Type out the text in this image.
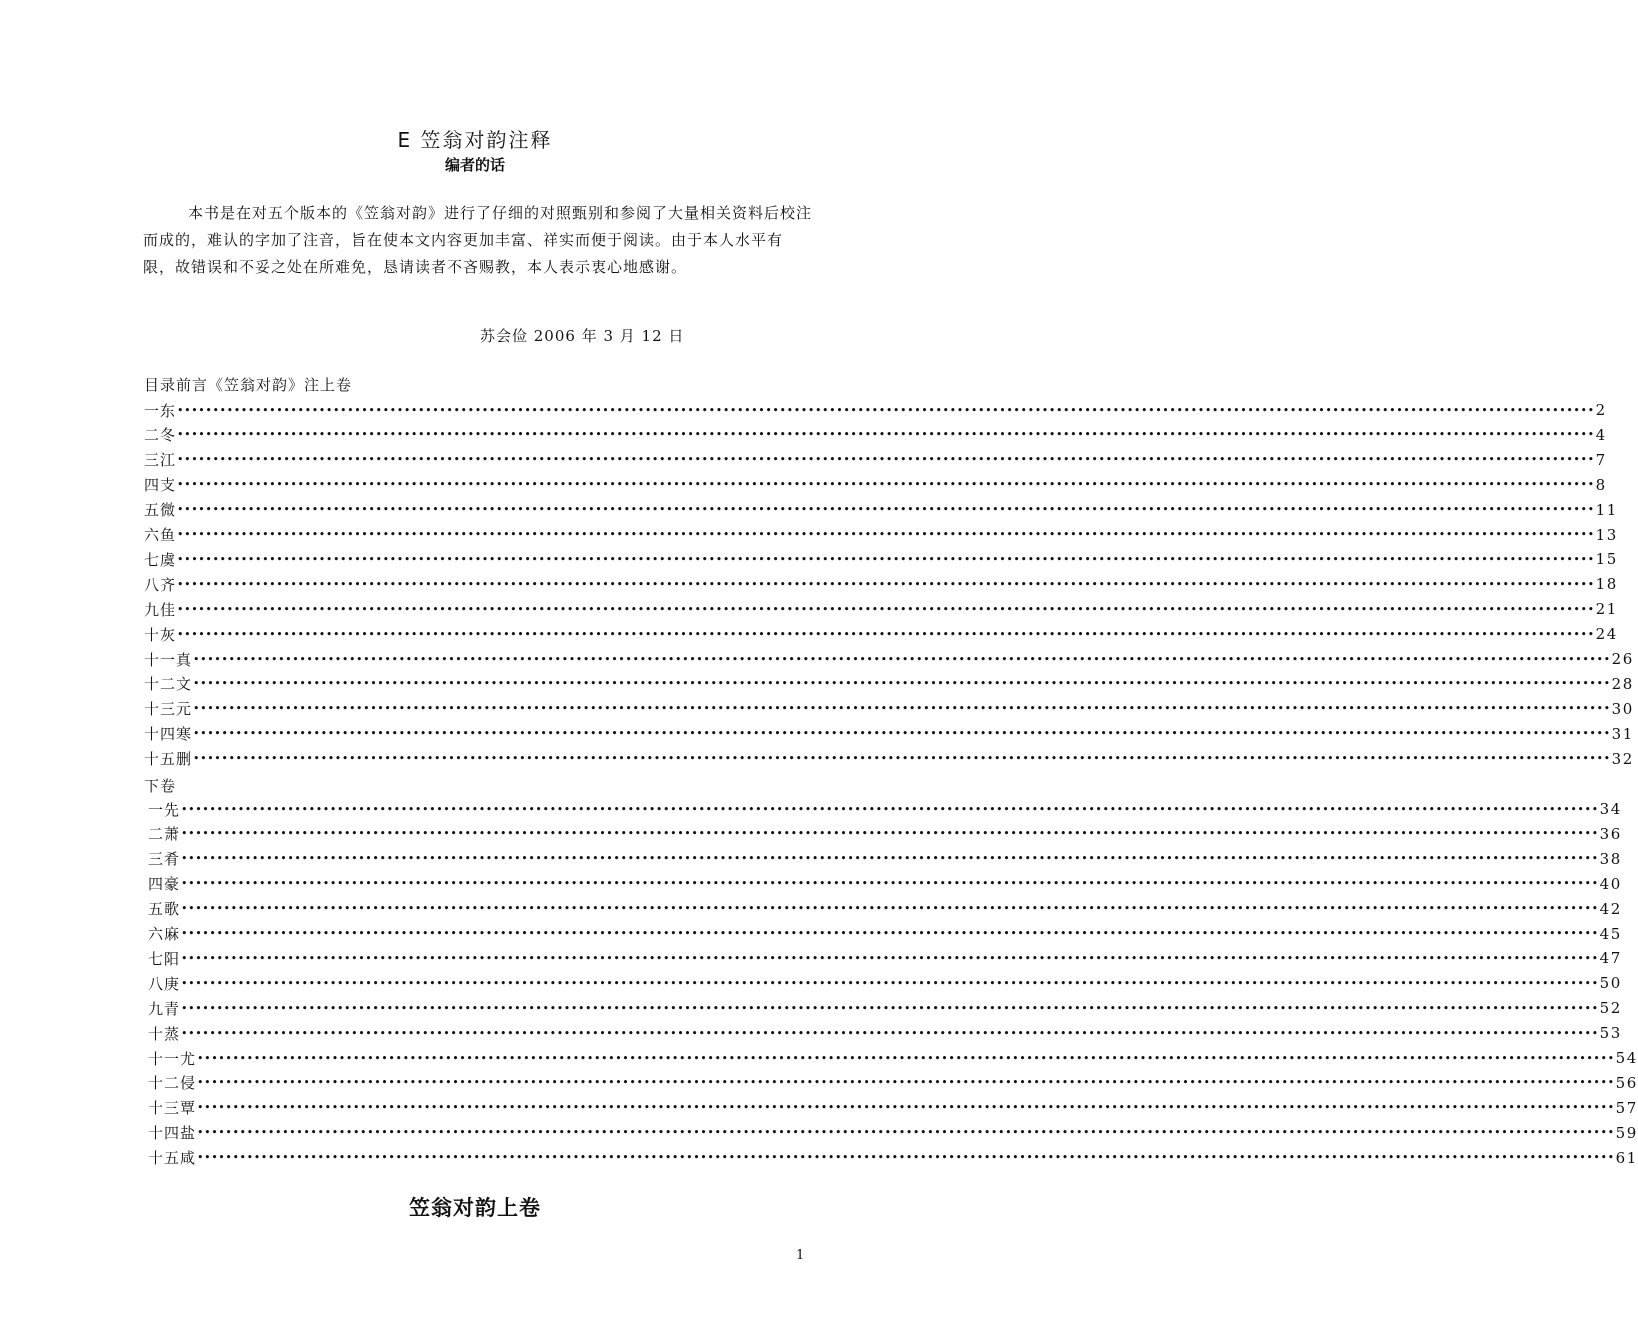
E 笠翁对韵注释
编者的话

本书是在对五个版本的《笠翁对韵》进行了仔细的对照甄别和参阅了大量相关资料后校注而成的，难认的字加了注音，旨在使本文内容更加丰富、祥实而便于阅读。由于本人水平有限，故错误和不妥之处在所难免，恳请读者不吝赐教，本人表示衷心地感谢。

苏会俭 2006 年 3 月 12 日
目录前言《笠翁对韵》注上卷
一东 •••••••••••••••••••••••••••••••••••••••••••••••••••••••••••••••••••••••••••••••••••••••••••••••••••••••••••••••••••••••••••••••••••••••••••••••••••••••••••••••••••••••••••••••••••••••••••••••••••••••• 2
二冬 •••••••••••••••••••••••••••••••••••••••••••••••••••••••••••••••••••••••••••••••••••••••••••••••••••••••••••••••••••••••••••••••••••••••••••••••••••••••••••••••••••••••••••••••••••••••••••••••••••••••• 4
三江 •••••••••••••••••••••••••••••••••••••••••••••••••••••••••••••••••••••••••••••••••••••••••••••••••••••••••••••••••••••••••••••••••••••••••••••••••••••••••••••••••••••••••••••••••••••••••••••••••••••••• 7
四支 •••••••••••••••••••••••••••••••••••••••••••••••••••••••••••••••••••••••••••••••••••••••••••••••••••••••••••••••••••••••••••••••••••••••••••••••••••••••••••••••••••••••••••••••••••••••••••••••••••••••• 8
五微 •••••••••••••••••••••••••••••••••••••••••••••••••••••••••••••••••••••••••••••••••••••••••••••••••••••••••••••••••••••••••••••••••••••••••••••••••••••••••••••••••••••••••••••••••••••••••••••••••••••••• 11
六鱼 •••••••••••••••••••••••••••••••••••••••••••••••••••••••••••••••••••••••••••••••••••••••••••••••••••••••••••••••••••••••••••••••••••••••••••••••••••••••••••••••••••••••••••••••••••••••••••••••••••••••• 13
七虞 •••••••••••••••••••••••••••••••••••••••••••••••••••••••••••••••••••••••••••••••••••••••••••••••••••••••••••••••••••••••••••••••••••••••••••••••••••••••••••••••••••••••••••••••••••••••••••••••••••••••• 15
八齐 •••••••••••••••••••••••••••••••••••••••••••••••••••••••••••••••••••••••••••••••••••••••••••••••••••••••••••••••••••••••••••••••••••••••••••••••••••••••••••••••••••••••••••••••••••••••••••••••••••••••• 18
九佳 •••••••••••••••••••••••••••••••••••••••••••••••••••••••••••••••••••••••••••••••••••••••••••••••••••••••••••••••••••••••••••••••••••••••••••••••••••••••••••••••••••••••••••••••••••••••••••••••••••••••• 21
十灰 •••••••••••••••••••••••••••••••••••••••••••••••••••••••••••••••••••••••••••••••••••••••••••••••••••••••••••••••••••••••••••••••••••••••••••••••••••••••••••••••••••••••••••••••••••••••••••••••••••••••• 24
十一真 •••••••••••••••••••••••••••••••••••••••••••••••••••••••••••••••••••••••••••••••••••••••••••••••••••••••••••••••••••••••••••••••••••••••••••••••••••••••••••••••••••••••••••••••••••••••••••••••••••••••• 26
十二文 •••••••••••••••••••••••••••••••••••••••••••••••••••••••••••••••••••••••••••••••••••••••••••••••••••••••••••••••••••••••••••••••••••••••••••••••••••••••••••••••••••••••••••••••••••••••••••••••••••••••• 28
十三元 •••••••••••••••••••••••••••••••••••••••••••••••••••••••••••••••••••••••••••••••••••••••••••••••••••••••••••••••••••••••••••••••••••••••••••••••••••••••••••••••••••••••••••••••••••••••••••••••••••••••• 30
十四寒 •••••••••••••••••••••••••••••••••••••••••••••••••••••••••••••••••••••••••••••••••••••••••••••••••••••••••••••••••••••••••••••••••••••••••••••••••••••••••••••••••••••••••••••••••••••••••••••••••••••••• 31
十五删 •••••••••••••••••••••••••••••••••••••••••••••••••••••••••••••••••••••••••••••••••••••••••••••••••••••••••••••••••••••••••••••••••••••••••••••••••••••••••••••••••••••••••••••••••••••••••••••••••••••••• 32
下卷
一先 •••••••••••••••••••••••••••••••••••••••••••••••••••••••••••••••••••••••••••••••••••••••••••••••••••••••••••••••••••••••••••••••••••••••••••••••••••••••••••••••••••••••••••••••••••••••••••••••••••••••• 34
二萧 •••••••••••••••••••••••••••••••••••••••••••••••••••••••••••••••••••••••••••••••••••••••••••••••••••••••••••••••••••••••••••••••••••••••••••••••••••••••••••••••••••••••••••••••••••••••••••••••••••••••• 36
三肴 •••••••••••••••••••••••••••••••••••••••••••••••••••••••••••••••••••••••••••••••••••••••••••••••••••••••••••••••••••••••••••••••••••••••••••••••••••••••••••••••••••••••••••••••••••••••••••••••••••••••• 38
四豪 •••••••••••••••••••••••••••••••••••••••••••••••••••••••••••••••••••••••••••••••••••••••••••••••••••••••••••••••••••••••••••••••••••••••••••••••••••••••••••••••••••••••••••••••••••••••••••••••••••••••• 40
五歌 •••••••••••••••••••••••••••••••••••••••••••••••••••••••••••••••••••••••••••••••••••••••••••••••••••••••••••••••••••••••••••••••••••••••••••••••••••••••••••••••••••••••••••••••••••••••••••••••••••••••• 42
六麻 •••••••••••••••••••••••••••••••••••••••••••••••••••••••••••••••••••••••••••••••••••••••••••••••••••••••••••••••••••••••••••••••••••••••••••••••••••••••••••••••••••••••••••••••••••••••••••••••••••••••• 45
七阳 •••••••••••••••••••••••••••••••••••••••••••••••••••••••••••••••••••••••••••••••••••••••••••••••••••••••••••••••••••••••••••••••••••••••••••••••••••••••••••••••••••••••••••••••••••••••••••••••••••••••• 47
八庚 •••••••••••••••••••••••••••••••••••••••••••••••••••••••••••••••••••••••••••••••••••••••••••••••••••••••••••••••••••••••••••••••••••••••••••••••••••••••••••••••••••••••••••••••••••••••••••••••••••••••• 50
九青 •••••••••••••••••••••••••••••••••••••••••••••••••••••••••••••••••••••••••••••••••••••••••••••••••••••••••••••••••••••••••••••••••••••••••••••••••••••••••••••••••••••••••••••••••••••••••••••••••••••••• 52
十蒸 •••••••••••••••••••••••••••••••••••••••••••••••••••••••••••••••••••••••••••••••••••••••••••••••••••••••••••••••••••••••••••••••••••••••••••••••••••••••••••••••••••••••••••••••••••••••••••••••••••••••• 53
十一尤 •••••••••••••••••••••••••••••••••••••••••••••••••••••••••••••••••••••••••••••••••••••••••••••••••••••••••••••••••••••••••••••••••••••••••••••••••••••••••••••••••••••••••••••••••••••••••••••••••••••••• 54
十二侵 •••••••••••••••••••••••••••••••••••••••••••••••••••••••••••••••••••••••••••••••••••••••••••••••••••••••••••••••••••••••••••••••••••••••••••••••••••••••••••••••••••••••••••••••••••••••••••••••••••••••• 56
十三覃 •••••••••••••••••••••••••••••••••••••••••••••••••••••••••••••••••••••••••••••••••••••••••••••••••••••••••••••••••••••••••••••••••••••••••••••••••••••••••••••••••••••••••••••••••••••••••••••••••••••••• 57
十四盐 •••••••••••••••••••••••••••••••••••••••••••••••••••••••••••••••••••••••••••••••••••••••••••••••••••••••••••••••••••••••••••••••••••••••••••••••••••••••••••••••••••••••••••••••••••••••••••••••••••••••• 59
十五咸 •••••••••••••••••••••••••••••••••••••••••••••••••••••••••••••••••••••••••••••••••••••••••••••••••••••••••••••••••••••••••••••••••••••••••••••••••••••••••••••••••••••••••••••••••••••••••••••••••••••••• 61
笠翁对韵上卷
1
